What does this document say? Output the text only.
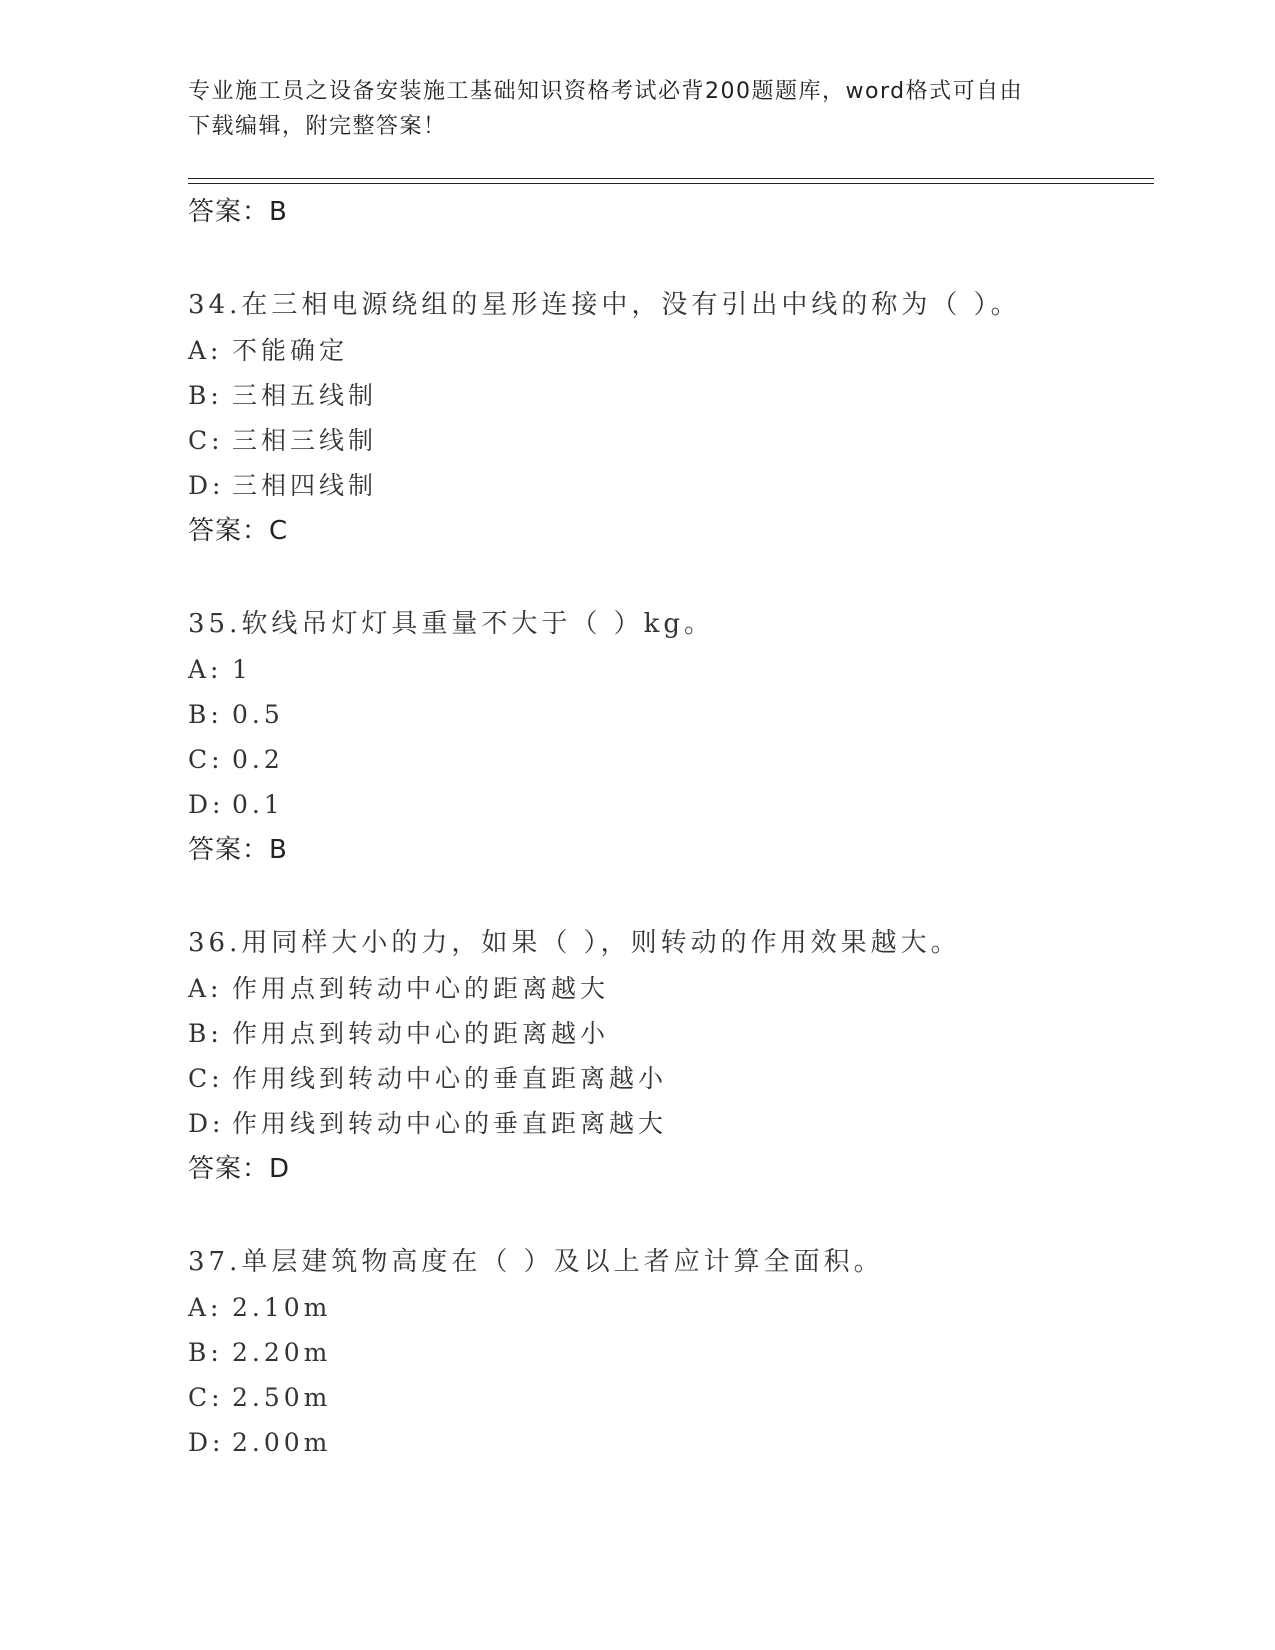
专业施工员之设备安装施工基础知识资格考试必背200题题库，word格式可自由
下载编辑，附完整答案！
答案：B
34.在三相电源绕组的星形连接中，没有引出中线的称为（ ）。
A: 不能确定
B: 三相五线制
C: 三相三线制
D: 三相四线制
答案：C
35.软线吊灯灯具重量不大于（ ）kg。
A: 1
B: 0.5
C: 0.2
D: 0.1
答案：B
36.用同样大小的力，如果（ ），则转动的作用效果越大。
A: 作用点到转动中心的距离越大
B: 作用点到转动中心的距离越小
C: 作用线到转动中心的垂直距离越小
D: 作用线到转动中心的垂直距离越大
答案：D
37.单层建筑物高度在（ ）及以上者应计算全面积。
A: 2.10m
B: 2.20m
C: 2.50m
D: 2.00m
